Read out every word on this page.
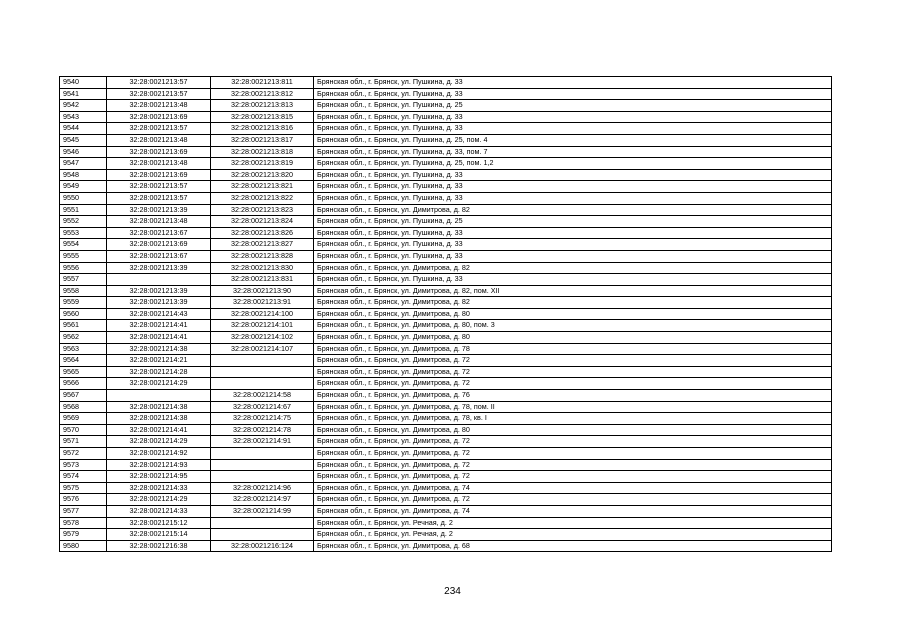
9540	32:28:0021213:57	32:28:0021213:811	Брянская обл., г. Брянск, ул. Пушкина, д. 33
9541	32:28:0021213:57	32:28:0021213:812	Брянская обл., г. Брянск, ул. Пушкина, д. 33
9542	32:28:0021213:48	32:28:0021213:813	Брянская обл., г. Брянск, ул. Пушкина, д. 25
9543	32:28:0021213:69	32:28:0021213:815	Брянская обл., г. Брянск, ул. Пушкина, д. 33
9544	32:28:0021213:57	32:28:0021213:816	Брянская обл., г. Брянск, ул. Пушкина, д. 33
9545	32:28:0021213:48	32:28:0021213:817	Брянская обл., г. Брянск, ул. Пушкина, д. 25, пом. 4
9546	32:28:0021213:69	32:28:0021213:818	Брянская обл., г. Брянск, ул. Пушкина, д. 33, пом. 7
9547	32:28:0021213:48	32:28:0021213:819	Брянская обл., г. Брянск, ул. Пушкина, д. 25, пом. 1,2
9548	32:28:0021213:69	32:28:0021213:820	Брянская обл., г. Брянск, ул. Пушкина, д. 33
9549	32:28:0021213:57	32:28:0021213:821	Брянская обл., г. Брянск, ул. Пушкина, д. 33
9550	32:28:0021213:57	32:28:0021213:822	Брянская обл., г. Брянск, ул. Пушкина, д. 33
9551	32:28:0021213:39	32:28:0021213:823	Брянская обл., г. Брянск, ул. Димитрова, д. 82
9552	32:28:0021213:48	32:28:0021213:824	Брянская обл., г. Брянск, ул. Пушкина, д. 25
9553	32:28:0021213:67	32:28:0021213:826	Брянская обл., г. Брянск, ул. Пушкина, д. 33
9554	32:28:0021213:69	32:28:0021213:827	Брянская обл., г. Брянск, ул. Пушкина, д. 33
9555	32:28:0021213:67	32:28:0021213:828	Брянская обл., г. Брянск, ул. Пушкина, д. 33
9556	32:28:0021213:39	32:28:0021213:830	Брянская обл., г. Брянск, ул. Димитрова, д. 82
9557		32:28:0021213:831	Брянская обл., г. Брянск, ул. Пушкина, д. 33
9558	32:28:0021213:39	32:28:0021213:90	Брянская обл., г. Брянск, ул. Димитрова, д. 82, пом. XII
9559	32:28:0021213:39	32:28:0021213:91	Брянская обл., г. Брянск, ул. Димитрова, д. 82
9560	32:28:0021214:43	32:28:0021214:100	Брянская обл., г. Брянск, ул. Димитрова, д. 80
9561	32:28:0021214:41	32:28:0021214:101	Брянская обл., г. Брянск, ул. Димитрова, д. 80, пом. 3
9562	32:28:0021214:41	32:28:0021214:102	Брянская обл., г. Брянск, ул. Димитрова, д. 80
9563	32:28:0021214:38	32:28:0021214:107	Брянская обл., г. Брянск, ул. Димитрова, д. 78
9564	32:28:0021214:21		Брянская обл., г. Брянск, ул. Димитрова, д. 72
9565	32:28:0021214:28		Брянская обл., г. Брянск, ул. Димитрова, д. 72
9566	32:28:0021214:29		Брянская обл., г. Брянск, ул. Димитрова, д. 72
9567		32:28:0021214:58	Брянская обл., г. Брянск, ул. Димитрова, д. 76
9568	32:28:0021214:38	32:28:0021214:67	Брянская обл., г. Брянск, ул. Димитрова, д. 78, пом. II
9569	32:28:0021214:38	32:28:0021214:75	Брянская обл., г. Брянск, ул. Димитрова, д. 78, кв. I
9570	32:28:0021214:41	32:28:0021214:78	Брянская обл., г. Брянск, ул. Димитрова, д. 80
9571	32:28:0021214:29	32:28:0021214:91	Брянская обл., г. Брянск, ул. Димитрова, д. 72
9572	32:28:0021214:92		Брянская обл., г. Брянск, ул. Димитрова, д. 72
9573	32:28:0021214:93		Брянская обл., г. Брянск, ул. Димитрова, д. 72
9574	32:28:0021214:95		Брянская обл., г. Брянск, ул. Димитрова, д. 72
9575	32:28:0021214:33	32:28:0021214:96	Брянская обл., г. Брянск, ул. Димитрова, д. 74
9576	32:28:0021214:29	32:28:0021214:97	Брянская обл., г. Брянск, ул. Димитрова, д. 72
9577	32:28:0021214:33	32:28:0021214:99	Брянская обл., г. Брянск, ул. Димитрова, д. 74
9578	32:28:0021215:12		Брянская обл., г. Брянск, ул. Речная, д. 2
9579	32:28:0021215:14		Брянская обл., г. Брянск, ул. Речная, д. 2
9580	32:28:0021216:38	32:28:0021216:124	Брянская обл., г. Брянск, ул. Димитрова, д. 68
234
